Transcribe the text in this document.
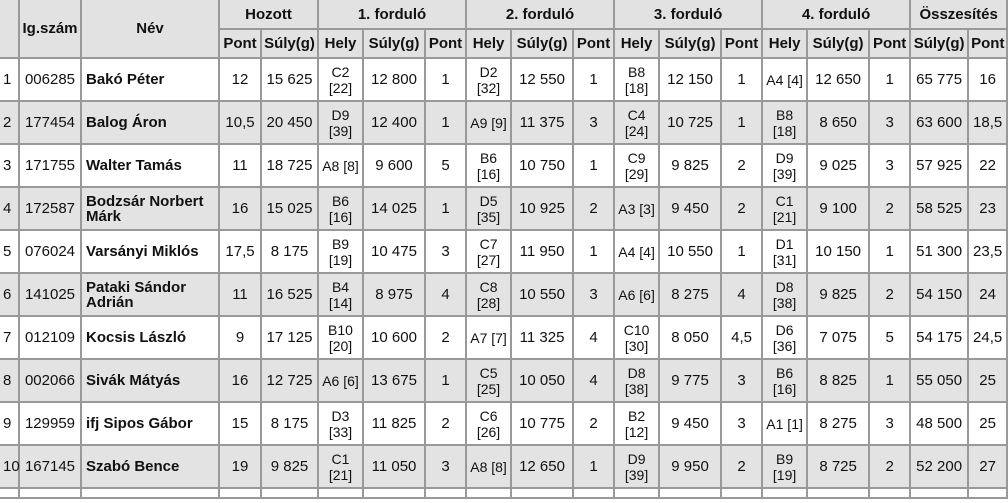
	Ig.szám	Név	Hozott		1. forduló			2. forduló			3. forduló			4. forduló			Összesítés	
			Pont	Súly(g)	Hely	Súly(g)	Pont	Hely	Súly(g)	Pont	Hely	Súly(g)	Pont	Hely	Súly(g)	Pont	Súly(g)	Pont
1	006285	Bakó Péter	12	15 625	C2 [22]	12 800	1	D2 [32]	12 550	1	B8 [18]	12 150	1	A4 [4]	12 650	1	65 775	16
2	177454	Balog Áron	10,5	20 450	D9 [39]	12 400	1	A9 [9]	11 375	3	C4 [24]	10 725	1	B8 [18]	8 650	3	63 600	18,5
3	171755	Walter Tamás	11	18 725	A8 [8]	9 600	5	B6 [16]	10 750	1	C9 [29]	9 825	2	D9 [39]	9 025	3	57 925	22
4	172587	Bodzsár Norbert Márk	16	15 025	B6 [16]	14 025	1	D5 [35]	10 925	2	A3 [3]	9 450	2	C1 [21]	9 100	2	58 525	23
5	076024	Varsányi Miklós	17,5	8 175	B9 [19]	10 475	3	C7 [27]	11 950	1	A4 [4]	10 550	1	D1 [31]	10 150	1	51 300	23,5
6	141025	Pataki Sándor Adrián	11	16 525	B4 [14]	8 975	4	C8 [28]	10 550	3	A6 [6]	8 275	4	D8 [38]	9 825	2	54 150	24
7	012109	Kocsis László	9	17 125	B10 [20]	10 600	2	A7 [7]	11 325	4	C10 [30]	8 050	4,5	D6 [36]	7 075	5	54 175	24,5
8	002066	Sivák Mátyás	16	12 725	A6 [6]	13 675	1	C5 [25]	10 050	4	D8 [38]	9 775	3	B6 [16]	8 825	1	55 050	25
9	129959	ifj Sipos Gábor	15	8 175	D3 [33]	11 825	2	C6 [26]	10 775	2	B2 [12]	9 450	3	A1 [1]	8 275	3	48 500	25
10	167145	Szabó Bence	19	9 825	C1 [21]	11 050	3	A8 [8]	12 650	1	D9 [39]	9 950	2	B9 [19]	8 725	2	52 200	27
